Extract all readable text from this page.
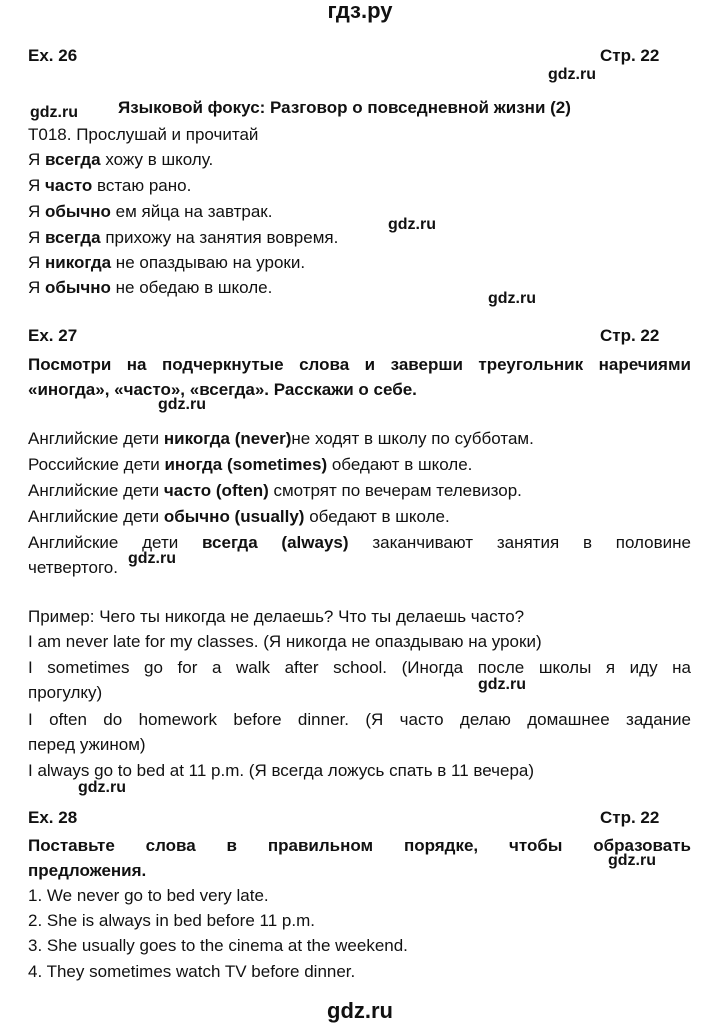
гдз.ру
Ex. 26	Стр. 22
gdz.ru
gdz.ru Языковой фокус: Разговор о повседневной жизни (2)
T018. Прослушай и прочитай
Я всегда хожу в школу.
Я часто встаю рано.
Я обычно ем яйца на завтрак.
Я всегда прихожу на занятия вовремя.
Я никогда не опаздываю на уроки.
Я обычно не обедаю в школе.
gdz.ru
gdz.ru
Ex. 27	Стр. 22
Посмотри на подчеркнутые слова и заверши треугольник наречиями
«иногда», «часто», «всегда». Расскажи о себе.
gdz.ru
Английские дети никогда (never)не ходят в школу по субботам.
Российские дети иногда (sometimes) обедают в школе.
Английские дети часто (often) смотрят по вечерам телевизор.
Английские дети обычно (usually) обедают в школе.
Английские дети всегда (always) заканчивают занятия в половине
четвертого. gdz.ru
Пример: Чего ты никогда не делаешь? Что ты делаешь часто?
I am never late for my classes. (Я никогда не опаздываю на уроки)
I sometimes go for a walk after school. (Иногда после школы я иду на
прогулку)	gdz.ru
I often do homework before dinner. (Я часто делаю домашнее задание
перед ужином)
I always go to bed at 11 p.m. (Я всегда ложусь спать в 11 вечера)
gdz.ru
Ex. 28	Стр. 22
Поставьте слова в правильном порядке, чтобы образовать
предложения.
gdz.ru
1. We never go to bed very late.
2. She is always in bed before 11 p.m.
3. She usually goes to the cinema at the weekend.
4. They sometimes watch TV before dinner.
gdz.ru
